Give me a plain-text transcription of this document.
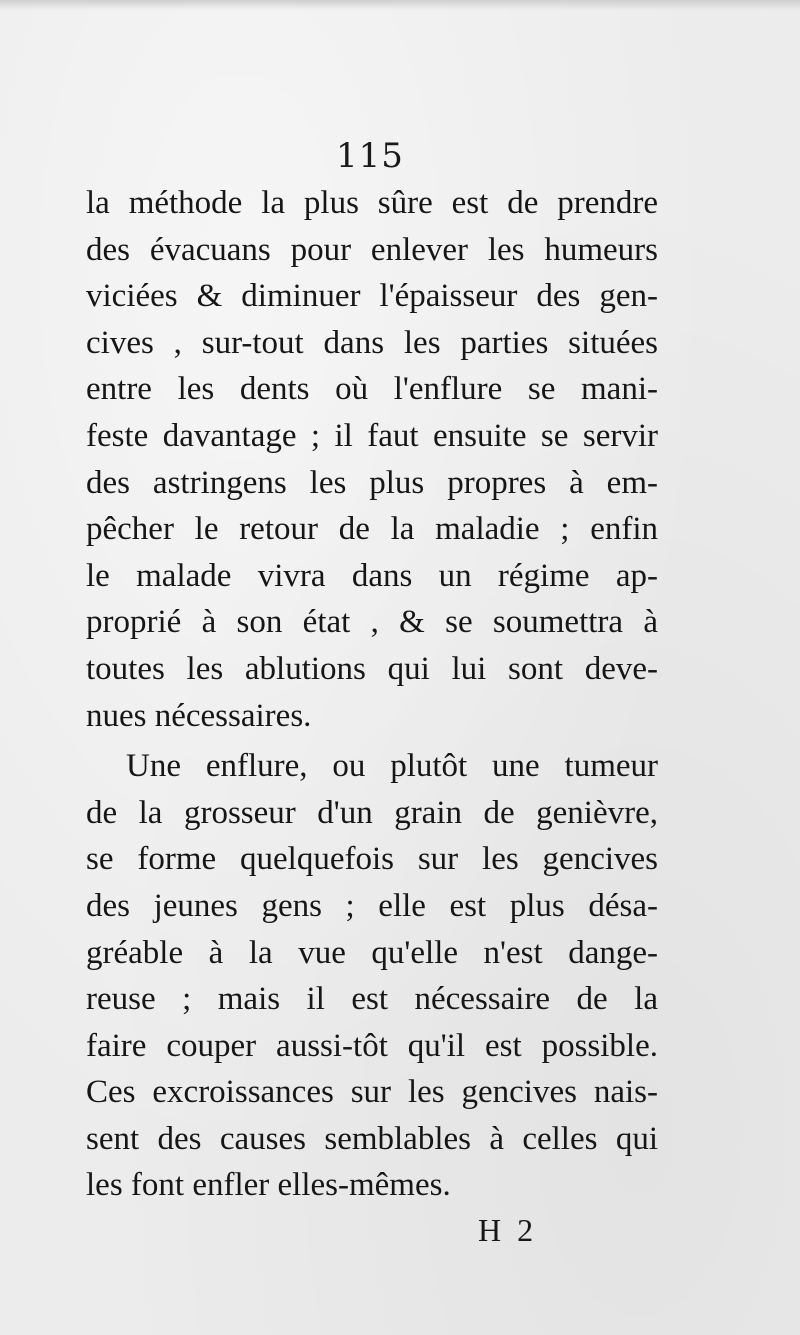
115
la méthode la plus sûre est de prendre
des évacuans pour enlever les humeurs
viciées & diminuer l'épaisseur des gen-
cives , sur-tout dans les parties situées
entre les dents où l'enflure se mani-
feste davantage ; il faut ensuite se servir
des astringens les plus propres à em-
pêcher le retour de la maladie ; enfin
le malade vivra dans un régime ap-
proprié à son état , & se soumettra à
toutes les ablutions qui lui sont deve-
nues nécessaires.
Une enflure, ou plutôt une tumeur
de la grosseur d'un grain de genièvre,
se forme quelquefois sur les gencives
des jeunes gens ; elle est plus désa-
gréable à la vue qu'elle n'est dange-
reuse ; mais il est nécessaire de la
faire couper aussi-tôt qu'il est possible.
Ces excroissances sur les gencives nais-
sent des causes semblables à celles qui
les font enfler elles-mêmes.
H 2
